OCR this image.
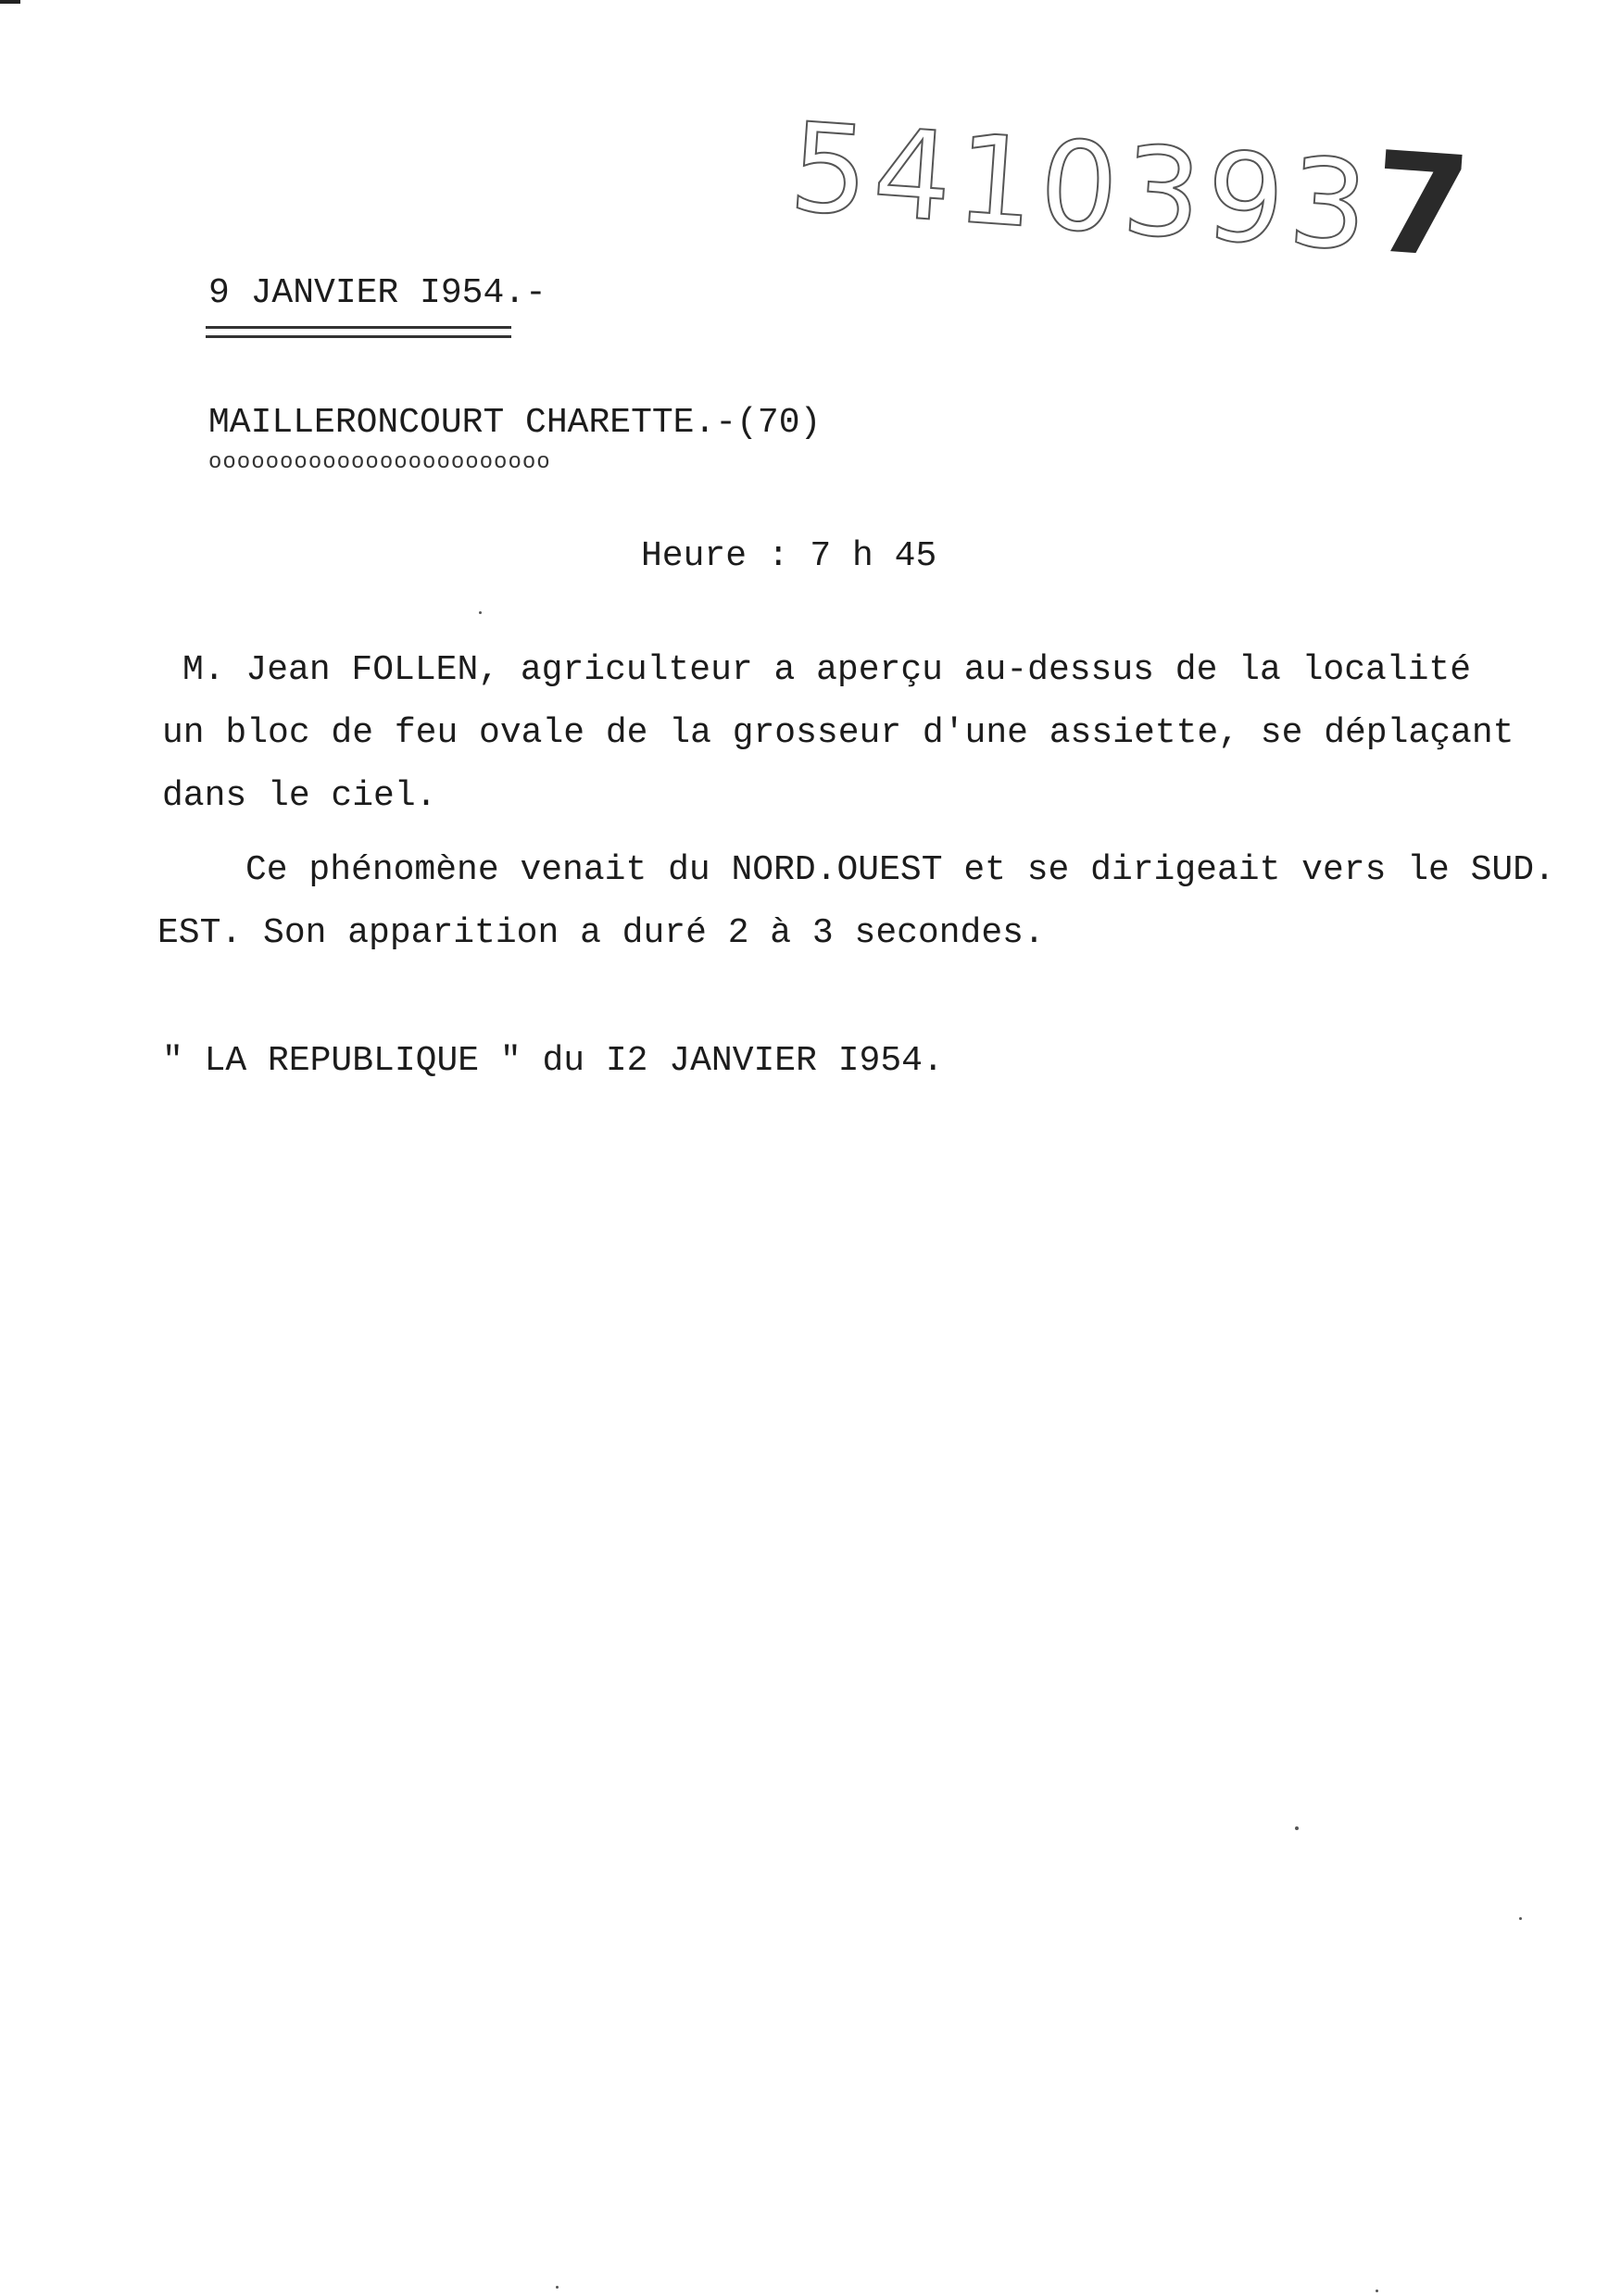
54103937
9 JANVIER I954.-
MAILLERONCOURT CHARETTE.-(70)
oooooooooooooooooooooooo
Heure : 7 h 45
M. Jean FOLLEN, agriculteur a aperçu au-dessus de la localité
un bloc de feu ovale de la grosseur d'une assiette, se déplaçant
dans le ciel.
Ce phénomène venait du NORD.OUEST et se dirigeait vers le SUD.
EST. Son apparition a duré 2 à 3 secondes.
" LA REPUBLIQUE " du I2 JANVIER I954.
